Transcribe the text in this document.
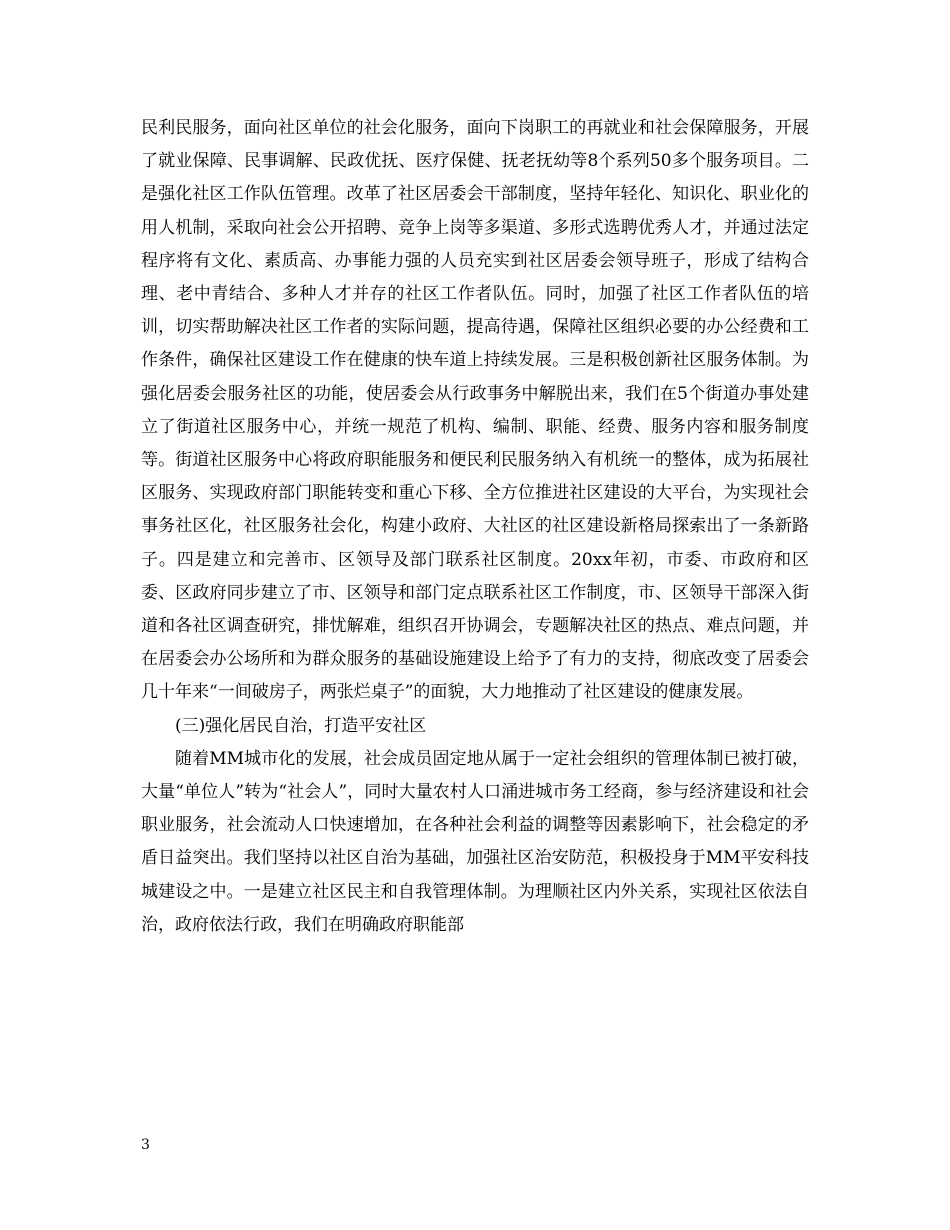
民利民服务，面向社区单位的社会化服务，面向下岗职工的再就业和社会保障服务，开展了就业保障、民事调解、民政优抚、医疗保健、抚老抚幼等8个系列50多个服务项目。二是强化社区工作队伍管理。改革了社区居委会干部制度，坚持年轻化、知识化、职业化的用人机制，采取向社会公开招聘、竞争上岗等多渠道、多形式选聘优秀人才，并通过法定程序将有文化、素质高、办事能力强的人员充实到社区居委会领导班子，形成了结构合理、老中青结合、多种人才并存的社区工作者队伍。同时，加强了社区工作者队伍的培训，切实帮助解决社区工作者的实际问题，提高待遇，保障社区组织必要的办公经费和工作条件，确保社区建设工作在健康的快车道上持续发展。三是积极创新社区服务体制。为强化居委会服务社区的功能，使居委会从行政事务中解脱出来，我们在5个街道办事处建立了街道社区服务中心，并统一规范了机构、编制、职能、经费、服务内容和服务制度等。街道社区服务中心将政府职能服务和便民利民服务纳入有机统一的整体，成为拓展社区服务、实现政府部门职能转变和重心下移、全方位推进社区建设的大平台，为实现社会事务社区化，社区服务社会化，构建小政府、大社区的社区建设新格局探索出了一条新路子。四是建立和完善市、区领导及部门联系社区制度。20xx年初，市委、市政府和区委、区政府同步建立了市、区领导和部门定点联系社区工作制度，市、区领导干部深入街道和各社区调查研究，排忧解难，组织召开协调会，专题解决社区的热点、难点问题，并在居委会办公场所和为群众服务的基础设施建设上给予了有力的支持，彻底改变了居委会几十年来“一间破房子，两张烂桌子”的面貌，大力地推动了社区建设的健康发展。

(三)强化居民自治，打造平安社区

随着MM城市化的发展，社会成员固定地从属于一定社会组织的管理体制已被打破，大量“单位人”转为“社会人”，同时大量农村人口涌进城市务工经商，参与经济建设和社会职业服务，社会流动人口快速增加，在各种社会利益的调整等因素影响下，社会稳定的矛盾日益突出。我们坚持以社区自治为基础，加强社区治安防范，积极投身于MM平安科技城建设之中。一是建立社区民主和自我管理体制。为理顺社区内外关系，实现社区依法自治，政府依法行政，我们在明确政府职能部

3
